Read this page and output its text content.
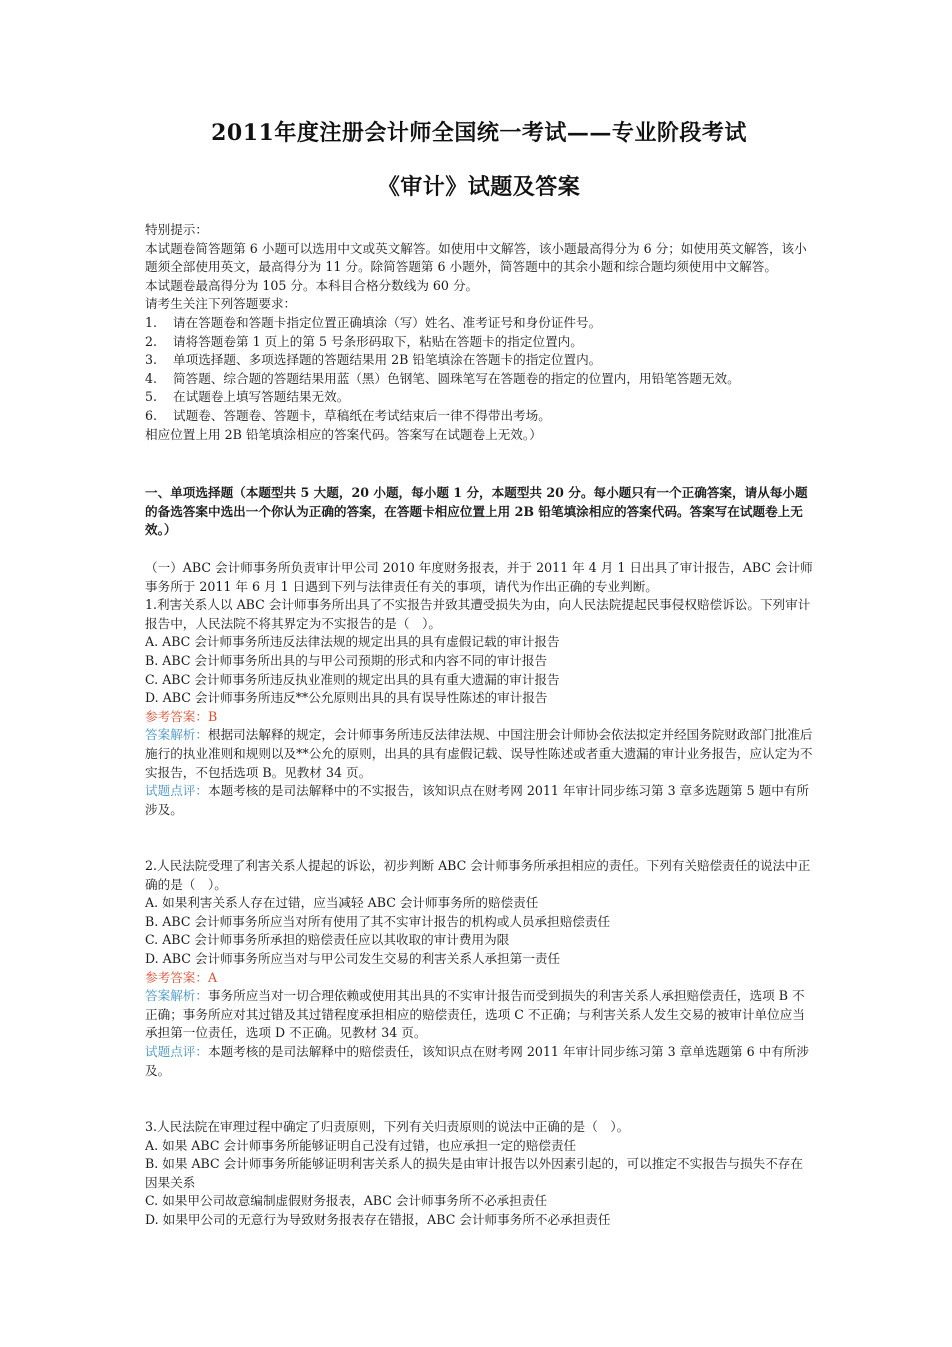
2011年度注册会计师全国统一考试——专业阶段考试
《审计》试题及答案

特别提示：

本试题卷简答题第 6 小题可以选用中文或英文解答。如使用中文解答，该小题最高得分为 6 分；如使用英文解答，该小题须全部使用英文，最高得分为 11 分。除简答题第 6 小题外，简答题中的其余小题和综合题均须使用中文解答。

本试题卷最高得分为 105 分。本科目合格分数线为 60 分。

请考生关注下列答题要求：

1. 请在答题卷和答题卡指定位置正确填涂（写）姓名、准考证号和身份证件号。

2. 请将答题卷第 1 页上的第 5 号条形码取下，粘贴在答题卡的指定位置内。

3. 单项选择题、多项选择题的答题结果用 2B 铅笔填涂在答题卡的指定位置内。

4. 简答题、综合题的答题结果用蓝（黑）色钢笔、圆珠笔写在答题卷的指定的位置内，用铅笔答题无效。

5. 在试题卷上填写答题结果无效。

6. 试题卷、答题卷、答题卡，草稿纸在考试结束后一律不得带出考场。

相应位置上用 2B 铅笔填涂相应的答案代码。答案写在试题卷上无效。）

一、单项选择题（本题型共 5 大题，20 小题，每小题 1 分，本题型共 20 分。每小题只有一个正确答案，请从每小题的备选答案中选出一个你认为正确的答案，在答题卡相应位置上用 2B 铅笔填涂相应的答案代码。答案写在试题卷上无效。）

（一）ABC 会计师事务所负责审计甲公司 2010 年度财务报表，并于 2011 年 4 月 1 日出具了审计报告，ABC 会计师事务所于 2011 年 6 月 1 日遇到下列与法律责任有关的事项，请代为作出正确的专业判断。

1.利害关系人以 ABC 会计师事务所出具了不实报告并致其遭受损失为由，向人民法院提起民事侵权赔偿诉讼。下列审计报告中，人民法院不将其界定为不实报告的是（　）。

A. ABC 会计师事务所违反法律法规的规定出具的具有虚假记载的审计报告

B. ABC 会计师事务所出具的与甲公司预期的形式和内容不同的审计报告

C. ABC 会计师事务所违反执业准则的规定出具的具有重大遗漏的审计报告

D. ABC 会计师事务所违反**公允原则出具的具有误导性陈述的审计报告

参考答案：B

答案解析：根据司法解释的规定，会计师事务所违反法律法规、中国注册会计师协会依法拟定并经国务院财政部门批准后施行的执业准则和规则以及**公允的原则，出具的具有虚假记载、误导性陈述或者重大遗漏的审计业务报告，应认定为不实报告，不包括选项 B。见教材 34 页。

试题点评：本题考核的是司法解释中的不实报告，该知识点在财考网 2011 年审计同步练习第 3 章多选题第 5 题中有所涉及。

2.人民法院受理了利害关系人提起的诉讼，初步判断 ABC 会计师事务所承担相应的责任。下列有关赔偿责任的说法中正确的是（　）。

A. 如果利害关系人存在过错，应当减轻 ABC 会计师事务所的赔偿责任

B. ABC 会计师事务所应当对所有使用了其不实审计报告的机构或人员承担赔偿责任

C. ABC 会计师事务所承担的赔偿责任应以其收取的审计费用为限

D. ABC 会计师事务所应当对与甲公司发生交易的利害关系人承担第一责任

参考答案：A

答案解析：事务所应当对一切合理依赖或使用其出具的不实审计报告而受到损失的利害关系人承担赔偿责任，选项 B 不正确；事务所应对其过错及其过错程度承担相应的赔偿责任，选项 C 不正确；与利害关系人发生交易的被审计单位应当承担第一位责任，选项 D 不正确。见教材 34 页。

试题点评：本题考核的是司法解释中的赔偿责任，该知识点在财考网 2011 年审计同步练习第 3 章单选题第 6 中有所涉及。

3.人民法院在审理过程中确定了归责原则，下列有关归责原则的说法中正确的是（　）。

A. 如果 ABC 会计师事务所能够证明自己没有过错，也应承担一定的赔偿责任

B. 如果 ABC 会计师事务所能够证明利害关系人的损失是由审计报告以外因素引起的，可以推定不实报告与损失不存在因果关系

C. 如果甲公司故意编制虚假财务报表，ABC 会计师事务所不必承担责任

D. 如果甲公司的无意行为导致财务报表存在错报，ABC 会计师事务所不必承担责任
